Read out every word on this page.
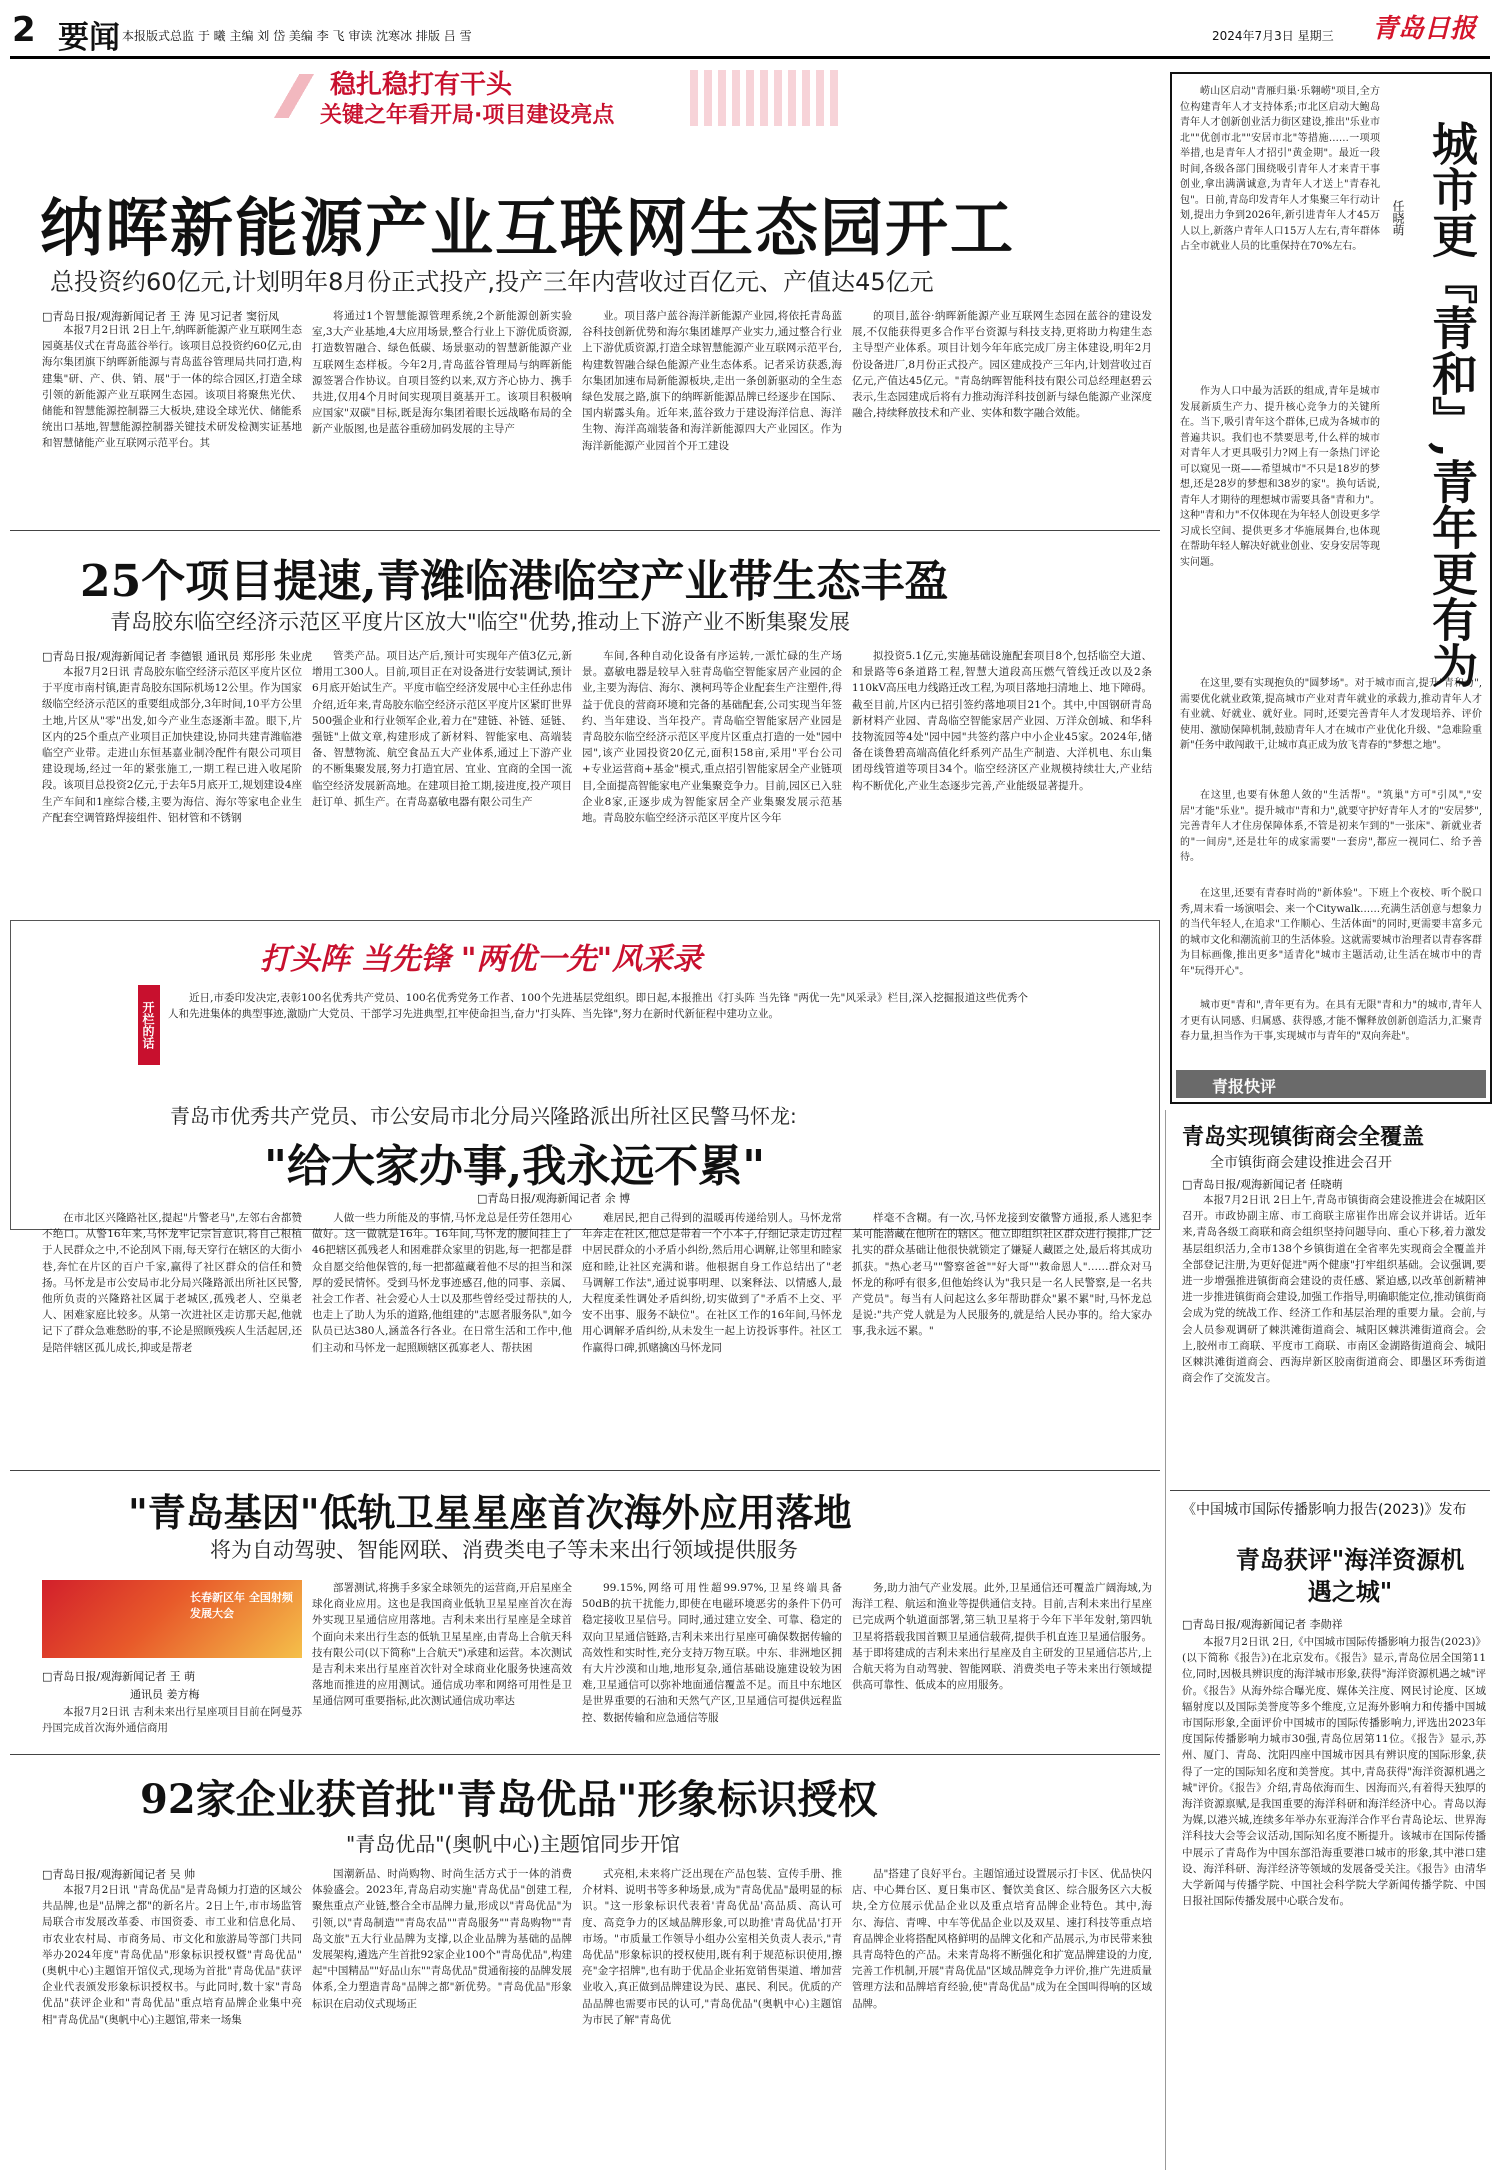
2 要闻 本报版式总监 于 曦 主编 刘 岱 美编 李 飞 审读 沈寒冰 排版 吕 雪	2024年7月3日 星期三 青岛日报
稳扎稳打有干头
关键之年看开局·项目建设亮点
纳晖新能源产业互联网生态园开工
总投资约60亿元,计划明年8月份正式投产,投产三年内营收过百亿元、产值达45亿元
□青岛日报/观海新闻记者 王 涛 见习记者 窦衍凤

本报7月2日讯 2日上午,纳晖新能源产业互联网生态园奠基仪式在青岛蓝谷举行。该项目总投资约60亿元,由海尔集团旗下纳晖新能源与青岛蓝谷管理局共同打造,构建集"研、产、供、销、展"于一体的综合园区,打造全球引领的新能源产业互联网生态园。该项目将聚焦光伏、储能和智慧能源控制器三大板块,建设全球光伏、储能系统出口基地,智慧能源控制器关键技术研发检测实证基地和智慧储能产业互联网示范平台。其

将通过1个智慧能源管理系统,2个新能源创新实验室,3大产业基地,4大应用场景,整合行业上下游优质资源,打造数智融合、绿色低碳、场景驱动的智慧新能源产业互联网生态样板。今年2月,青岛蓝谷管理局与纳晖新能源签署合作协议。自项目签约以来,双方齐心协力、携手共进,仅用4个月时间实现项目奠基开工。该项目积极响应国家"双碳"目标,既是海尔集团着眼长远战略布局的全新产业版图,也是蓝谷重磅加码发展的主导产

业。项目落户蓝谷海洋新能源产业园,将依托青岛蓝谷科技创新优势和海尔集团雄厚产业实力,通过整合行业上下游优质资源,打造全球智慧能源产业互联网示范平台,构建数智融合绿色能源产业生态体系。记者采访获悉,海尔集团加速布局新能源板块,走出一条创新驱动的全生态绿色发展之路,旗下的纳晖新能源品牌已经逐步在国际、国内崭露头角。近年来,蓝谷致力于建设海洋信息、海洋生物、海洋高端装备和海洋新能源四大产业园区。作为海洋新能源产业园首个开工建设

的项目,蓝谷·纳晖新能源产业互联网生态园在蓝谷的建设发展,不仅能获得更多合作平台资源与科技支持,更将助力构建生态主导型产业体系。项目计划今年年底完成厂房主体建设,明年2月份设备进厂,8月份正式投产。园区建成投产三年内,计划营收过百亿元,产值达45亿元。"青岛纳晖智能科技有限公司总经理赵碧云表示,生态园建成后将有力推动海洋科技创新与绿色能源产业深度融合,持续释放技术和产业、实体和数字融合效能。

25个项目提速,青潍临港临空产业带生态丰盈
青岛胶东临空经济示范区平度片区放大"临空"优势,推动上下游产业不断集聚发展
□青岛日报/观海新闻记者 李德银 通讯员 郑彤彤 朱业虎

本报7月2日讯 青岛胶东临空经济示范区平度片区位于平度市南村镇,距青岛胶东国际机场12公里。作为国家级临空经济示范区的重要组成部分,3年时间,10平方公里土地,片区从"零"出发,如今产业生态逐渐丰盈。眼下,片区内的25个重点产业项目正加快建设,协同共建青潍临港临空产业带。走进山东恒基嘉业制冷配件有限公司项目建设现场,经过一年的紧张施工,一期工程已进入收尾阶段。该项目总投资2亿元,于去年5月底开工,规划建设4座生产车间和1座综合楼,主要为海信、海尔等家电企业生产配套空调管路焊接组件、铝材管和不锈钢

管类产品。项目达产后,预计可实现年产值3亿元,新增用工300人。目前,项目正在对设备进行安装调试,预计6月底开始试生产。平度市临空经济发展中心主任孙忠伟介绍,近年来,青岛胶东临空经济示范区平度片区紧盯世界500强企业和行业领军企业,着力在"建链、补链、延链、强链"上做文章,构建形成了新材料、智能家电、高端装备、智慧物流、航空食品五大产业体系,通过上下游产业的不断集聚发展,努力打造宜居、宜业、宜商的全国一流临空经济发展新高地。在建项目抢工期,接进度,投产项目赶订单、抓生产。在青岛嘉敏电器有限公司生产

车间,各种自动化设备有序运转,一派忙碌的生产场景。嘉敏电器是较早入驻青岛临空智能家居产业园的企业,主要为海信、海尔、澳柯玛等企业配套生产注塑件,得益于优良的营商环境和完备的基础配套,公司实现当年签约、当年建设、当年投产。青岛临空智能家居产业园是青岛胶东临空经济示范区平度片区重点打造的一处"园中园",该产业园投资20亿元,面积158亩,采用"平台公司+专业运营商+基金"模式,重点招引智能家居全产业链项目,全面提高智能家电产业集聚竞争力。目前,园区已入驻企业8家,正逐步成为智能家居全产业集聚发展示范基地。青岛胶东临空经济示范区平度片区今年

拟投资5.1亿元,实施基础设施配套项目8个,包括临空大道、和景路等6条道路工程,智慧大道段高压燃气管线迁改以及2条110kV高压电力线路迁改工程,为项目落地扫清地上、地下障碍。截至目前,片区内已招引签约落地项目21个。其中,中国钢研青岛新材料产业园、青岛临空智能家居产业园、万洋众创城、和华科技物流园等4处"园中园"共签约落户中小企业45家。2024年,储备在谈鲁碧高端高值化纤系列产品生产制造、大洋机电、东山集团母线管道等项目34个。临空经济区产业规模持续壮大,产业结构不断优化,产业生态逐步完善,产业能级显著提升。

城市更『青和』,青年更有为
任晓萌

崂山区启动"青雁归巢·乐翱崂"项目,全方位构建青年人才支持体系;市北区启动大鲍岛青年人才创新创业活力街区建设,推出"乐业市北""优创市北""安居市北"等措施……一项项举措,也是青年人才招引"黄金期"。最近一段时间,各级各部门围绕吸引青年人才来青干事创业,拿出满满诚意,为青年人才送上"青春礼包"。日前,青岛印发青年人才集聚三年行动计划,提出力争到2026年,新引进青年人才45万人以上,新落户青年人口15万人左右,青年群体占全市就业人员的比重保持在70%左右。

作为人口中最为活跃的组成,青年是城市发展新质生产力、提升核心竞争力的关键所在。当下,吸引青年这个群体,已成为各城市的普遍共识。我们也不禁要思考,什么样的城市对青年人才更具吸引力?网上有一条热门评论可以窥见一斑——希望城市"不只是18岁的梦想,还是28岁的梦想和38岁的家"。换句话说,青年人才期待的理想城市需要具备"青和力"。这种"青和力"不仅体现在为年轻人创设更多学习成长空间、提供更多才华施展舞台,也体现在帮助年轻人解决好就业创业、安身安居等现实问题。

在这里,要有实现抱负的"圆梦场"。对于城市而言,提升"青和力",需要优化就业政策,提高城市产业对青年就业的承载力,推动青年人才有业就、好就业、就好业。同时,还要完善青年人才发现培养、评价使用、激励保障机制,鼓励青年人才在城市产业优化升级、"急难险重新"任务中敢闯敢干,让城市真正成为放飞青春的"梦想之地"。

在这里,也要有休憩人敛的"生活帮"。"筑巢"方可"引凤","安居"才能"乐业"。提升城市"青和力",就要守护好青年人才的"安居梦",完善青年人才住房保障体系,不管是初来乍到的"一张床"、新就业者的"一间房",还是壮年的成家需要"一套房",都应一视同仁、给予善待。

在这里,还要有青春时尚的"新体验"。下班上个夜校、听个脱口秀,周末看一场演唱会、来一个Citywalk……充满生活创意与想象力的当代年轻人,在追求"工作顺心、生活体面"的同时,更需要丰富多元的城市文化和潮流前卫的生活体验。这就需要城市治理者以青春客群为目标画像,推出更多"适青化"城市主题活动,让生活在城市中的青年"玩得开心"。

城市更"青和",青年更有为。在具有无限"青和力"的城市,青年人才更有认同感、归属感、获得感,才能不懈释放创新创造活力,汇聚青春力量,担当作为干事,实现城市与青年的"双向奔赴"。

青报快评
打头阵 当先锋 "两优一先"风采录
开栏的话

近日,市委印发决定,表彰100名优秀共产党员、100名优秀党务工作者、100个先进基层党组织。即日起,本报推出《打头阵 当先锋 "两优一先"风采录》栏目,深入挖掘报道这些优秀个人和先进集体的典型事迹,激励广大党员、干部学习先进典型,扛牢使命担当,奋力"打头阵、当先锋",努力在新时代新征程中建功立业。

青岛市优秀共产党员、市公安局市北分局兴隆路派出所社区民警马怀龙:
"给大家办事,我永远不累"
□青岛日报/观海新闻记者 余 博

在市北区兴隆路社区,提起"片警老马",左邻右舍都赞不绝口。从警16年来,马怀龙牢记宗旨意识,将自己根植于人民群众之中,不论刮风下雨,每天穿行在辖区的大街小巷,奔忙在片区的百户千家,赢得了社区群众的信任和赞扬。马怀龙是市公安局市北分局兴隆路派出所社区民警,他所负责的兴隆路社区属于老城区,孤残老人、空巢老人、困难家庭比较多。从第一次进社区走访那天起,他就记下了群众急难愁盼的事,不论是照顾残疾人生活起居,还是陪伴辖区孤儿成长,抑或是帮老

人做一些力所能及的事情,马怀龙总是任劳任怨用心做好。这一做就是16年。16年间,马怀龙的腰间挂上了46把辖区孤残老人和困难群众家里的钥匙,每一把都是群众自愿交给他保管的,每一把都蕴藏着他不尽的担当和深厚的爱民情怀。受到马怀龙事迹感召,他的同事、亲属、社会工作者、社会爱心人士以及那些曾经受过帮扶的人,也走上了助人为乐的道路,他组建的"志愿者服务队",如今队员已达380人,涵盖各行各业。在日常生活和工作中,他们主动和马怀龙一起照顾辖区孤寡老人、帮扶困

难居民,把自己得到的温暖再传递给别人。马怀龙常年奔走在社区,他总是带着一个小本子,仔细记录走访过程中居民群众的小矛盾小纠纷,然后用心调解,让邻里和睦家庭和睦,让社区充满和谐。他根据自身工作总结出了"老马调解工作法",通过说事明理、以案释法、以情感人,最大程度柔性调处矛盾纠纷,切实做到了"矛盾不上交、平安不出事、服务不缺位"。在社区工作的16年间,马怀龙用心调解矛盾纠纷,从未发生一起上访投诉事件。社区工作赢得口碑,抓赌擒凶马怀龙同

样毫不含糊。有一次,马怀龙接到安徽警方通报,系人逃犯李某可能潜藏在他所在的辖区。他立即组织社区群众进行摸排,广泛扎实的群众基础让他很快就锁定了嫌疑人藏匿之处,最后将其成功抓获。"热心老马""警察爸爸""好大哥""救命恩人"……群众对马怀龙的称呼有很多,但他始终认为"我只是一名人民警察,是一名共产党员"。每当有人问起这么多年帮助群众"累不累"时,马怀龙总是说:"共产党人就是为人民服务的,就是给人民办事的。给大家办事,我永远不累。"

青岛实现镇街商会全覆盖
全市镇街商会建设推进会召开
□青岛日报/观海新闻记者 任晓萌

本报7月2日讯 2日上午,青岛市镇街商会建设推进会在城阳区召开。市政协副主席、市工商联主席崔作出席会议并讲话。近年来,青岛各级工商联和商会组织坚持问题导向、重心下移,着力激发基层组织活力,全市138个乡镇街道在全省率先实现商会全覆盖并全部登记注册,为更好促进"两个健康"打牢组织基础。会议强调,要进一步增强推进镇街商会建设的责任感、紧迫感,以改革创新精神进一步推进镇街商会建设,加强工作指导,明确职能定位,推动镇街商会成为党的统战工作、经济工作和基层治理的重要力量。会前,与会人员参观调研了棘洪滩街道商会、城阳区棘洪滩街道商会。会上,胶州市工商联、平度市工商联、市南区金湖路街道商会、城阳区棘洪滩街道商会、西海岸新区胶南街道商会、即墨区环秀街道商会作了交流发言。

"青岛基因"低轨卫星星座首次海外应用落地
将为自动驾驶、智能网联、消费类电子等未来出行领域提供服务
长春新区年 全国射频发展大会
□青岛日报/观海新闻记者 王 萌
通讯员 姜方梅

本报7月2日讯 吉利未来出行星座项目目前在阿曼苏丹国完成首次海外通信商用

部署测试,将携手多家全球领先的运营商,开启星座全球化商业应用。这也是我国商业低轨卫星星座首次在海外实现卫星通信应用落地。吉利未来出行星座是全球首个面向未来出行生态的低轨卫星星座,由青岛上合航天科技有限公司(以下简称"上合航天")承建和运营。本次测试是吉利未来出行星座首次针对全球商业化服务快速高效落地而推进的应用测试。通信成功率和网络可用性是卫星通信网可重要指标,此次测试通信成功率达

99.15%,网络可用性超99.97%,卫星终端具备50dB的抗干扰能力,即使在电磁环境恶劣的条件下仍可稳定接收卫星信号。同时,通过建立安全、可靠、稳定的双向卫星通信链路,吉利未来出行星座可确保数据传输的高效性和实时性,充分支持万物互联。中东、非洲地区拥有大片沙漠和山地,地形复杂,通信基础设施建设较为困难,卫星通信可以弥补地面通信覆盖不足。而且中东地区是世界重要的石油和天然气产区,卫星通信可提供远程监控、数据传输和应急通信等服

务,助力油气产业发展。此外,卫星通信还可覆盖广阔海域,为海洋工程、航运和渔业等提供通信支持。目前,吉利未来出行星座已完成两个轨道面部署,第三轨卫星将于今年下半年发射,第四轨卫星将搭载我国首颗卫星通信载荷,提供手机直连卫星通信服务。基于即将建成的吉利未来出行星座及自主研发的卫星通信芯片,上合航天将为自动驾驶、智能网联、消费类电子等未来出行领域提供高可靠性、低成本的应用服务。

《中国城市国际传播影响力报告(2023)》发布
青岛获评"海洋资源机遇之城"
□青岛日报/观海新闻记者 李勋祥

本报7月2日讯 2日,《中国城市国际传播影响力报告(2023)》(以下简称《报告》)在北京发布。《报告》显示,青岛位居全国第11位,同时,因极具辨识度的海洋城市形象,获得"海洋资源机遇之城"评价。《报告》从海外综合曝光度、媒体关注度、网民讨论度、区域辐射度以及国际美誉度等多个维度,立足海外影响力和传播中国城市国际形象,全面评价中国城市的国际传播影响力,评选出2023年度国际传播影响力城市30强,青岛位居第11位。《报告》显示,苏州、厦门、青岛、沈阳四座中国城市因具有辨识度的国际形象,获得了一定的国际知名度和美誉度。其中,青岛获得"海洋资源机遇之城"评价。《报告》介绍,青岛依海而生、因海而兴,有着得天独厚的海洋资源禀赋,是我国重要的海洋科研和海洋经济中心。青岛以海为媒,以港兴城,连续多年举办东亚海洋合作平台青岛论坛、世界海洋科技大会等会议活动,国际知名度不断提升。该城市在国际传播中展示了青岛作为中国东部沿海重要港口城市的形象,其中港口建设、海洋科研、海洋经济等领域的发展备受关注。《报告》由清华大学新闻与传播学院、中国社会科学院大学新闻传播学院、中国日报社国际传播发展中心联合发布。

92家企业获首批"青岛优品"形象标识授权
"青岛优品"(奥帆中心)主题馆同步开馆
□青岛日报/观海新闻记者 吴 帅

本报7月2日讯 "青岛优品"是青岛倾力打造的区域公共品牌,也是"品牌之都"的新名片。2日上午,市市场监管局联合市发展改革委、市国资委、市工业和信息化局、市农业农村局、市商务局、市文化和旅游局等部门共同举办2024年度"青岛优品"形象标识授权暨"青岛优品"(奥帆中心)主题馆开馆仪式,现场为首批"青岛优品"获评企业代表颁发形象标识授权书。与此同时,数十家"青岛优品"获评企业和"青岛优品"重点培育品牌企业集中亮相"青岛优品"(奥帆中心)主题馆,带来一场集

国潮新品、时尚购物、时尚生活方式于一体的消费体验盛会。2023年,青岛启动实施"青岛优品"创建工程,聚焦重点产业链,整合全市品牌力量,形成以"青岛优品"为引领,以"青岛制造""青岛农品""青岛服务""青岛购物""青岛文旅"五大行业品牌为支撑,以企业品牌为基础的品牌发展架构,遴选产生首批92家企业100个"青岛优品",构建起"中国精品""好品山东""青岛优品"贯通衔接的品牌发展体系,全力塑造青岛"品牌之都"新优势。"青岛优品"形象标识在启动仪式现场正

式亮相,未来将广泛出现在产品包装、宣传手册、推介材料、说明书等多种场景,成为"青岛优品"最明显的标识。"这一形象标识代表着'青岛优品'高品质、高认可度、高竞争力的区域品牌形象,可以助推'青岛优品'打开市场。"市质量工作领导小组办公室相关负责人表示,"青岛优品"形象标识的授权使用,既有利于规范标识使用,擦亮"金字招牌",也有助于优品企业拓宽销售渠道、增加营业收入,真正做到品牌建设为民、惠民、利民。优质的产品品牌也需要市民的认可,"青岛优品"(奥帆中心)主题馆为市民了解"青岛优

品"搭建了良好平台。主题馆通过设置展示打卡区、优品快闪店、中心舞台区、夏日集市区、餐饮美食区、综合服务区六大板块,全方位展示优品企业以及重点培育品牌企业特色。其中,海尔、海信、青啤、中车等优品企业以及双星、速打科技等重点培育品牌企业将搭配风格鲜明的品牌文化和产品展示,为市民带来独具青岛特色的产品。未来青岛将不断强化和扩宽品牌建设的力度,完善工作机制,开展"青岛优品"区域品牌竞争力评价,推广先进质量管理方法和品牌培育经验,使"青岛优品"成为在全国叫得响的区域品牌。
